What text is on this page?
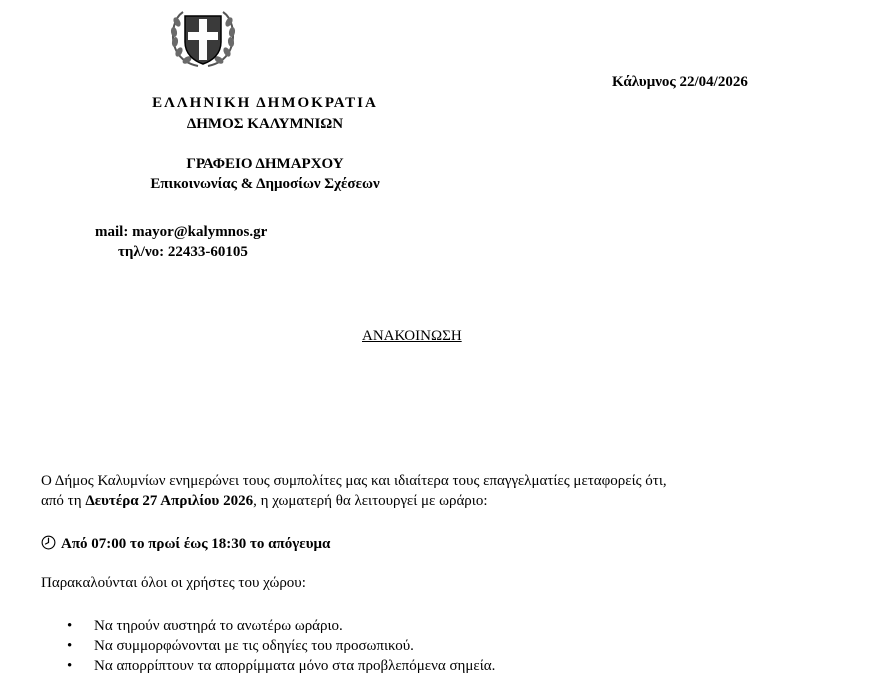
Κάλυμνος 22/04/2026
ΕΛΛΗΝΙΚΗ ΔΗΜΟΚΡΑΤΙΑ
ΔΗΜΟΣ ΚΑΛΥΜΝΙΩΝ
ΓΡΑΦΕΙΟ ΔΗΜΑΡΧΟΥ
Επικοινωνίας & Δημοσίων Σχέσεων
mail: mayor@kalymnos.gr
τηλ/νο: 22433-60105
ΑΝΑΚΟΙΝΩΣΗ
Ο Δήμος Καλυμνίων ενημερώνει τους συμπολίτες μας και ιδιαίτερα τους επαγγελματίες μεταφορείς ότι,
από τη Δευτέρα 27 Απριλίου 2026, η χωματερή θα λειτουργεί με ωράριο:
Από 07:00 το πρωί έως 18:30 το απόγευμα
Παρακαλούνται όλοι οι χρήστες του χώρου:
• Να τηρούν αυστηρά το ανωτέρω ωράριο.
• Να συμμορφώνονται με τις οδηγίες του προσωπικού.
• Να απορρίπτουν τα απορρίμματα μόνο στα προβλεπόμενα σημεία.
